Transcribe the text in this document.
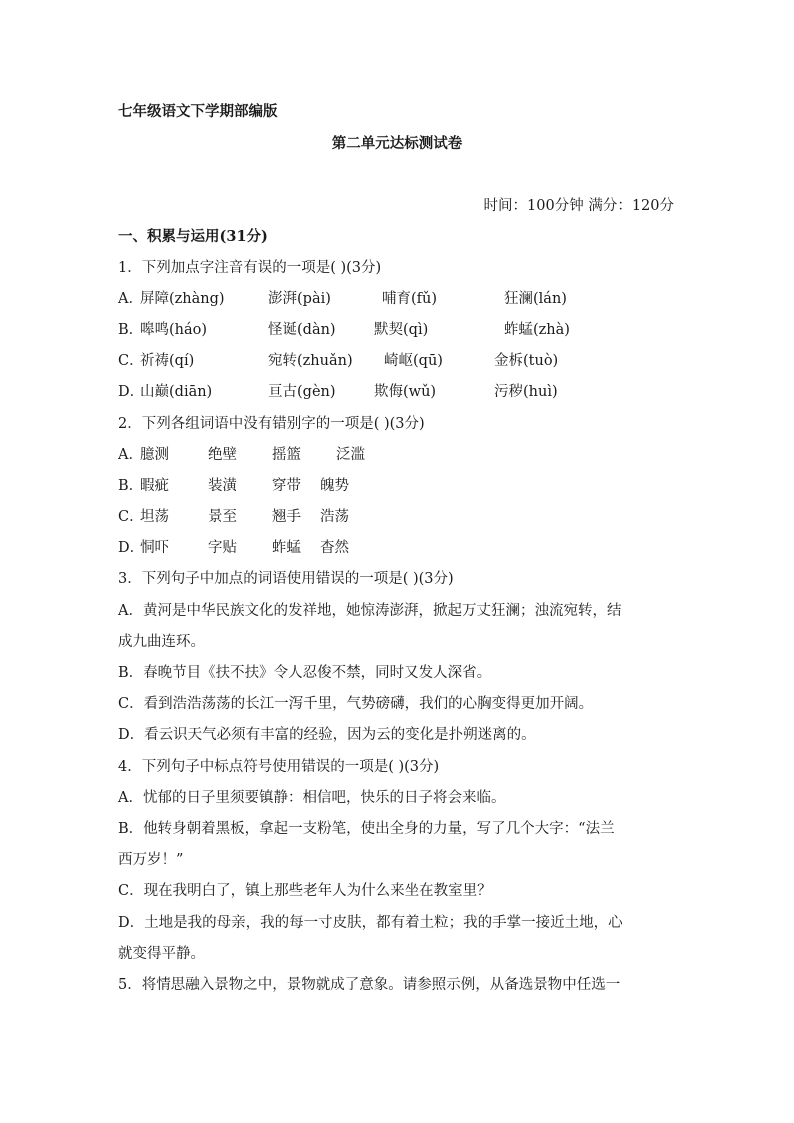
七年级语文下学期部编版
第二单元达标测试卷
时间：100分钟 满分：120分
一、积累与运用(31分)
1．下列加点字注音有误的一项是( )(3分)
A．
屏障(zhàng)	澎湃(pài)	哺育(fǔ)	狂澜(lán)
B．
嗥鸣(háo)	怪诞(dàn)	默契(qì)	蚱蜢(zhà)
C．
祈祷(qí)	宛转(zhuǎn) 崎岖(qū)	金柝(tuò)
D．
山巅(diān)	亘古(gèn)	欺侮(wǔ)	污秽(huì)
2．下列各组词语中没有错别字的一项是( )(3分)
A．
臆测	绝壁 摇篮 泛滥
B．
暇疵	装潢 穿带 魄势
C．
坦荡	景至 翘手 浩荡
D．
恫吓	字贴 蚱蜢 杳然
3．下列句子中加点的词语使用错误的一项是( )(3分)
A．黄河是中华民族文化的发祥地，她惊涛澎湃，掀起万丈狂澜；浊流宛转，结
成九曲连环。
B．春晚节目《扶不扶》令人忍俊不禁，同时又发人深省。
C．看到浩浩荡荡的长江一泻千里，气势磅礴，我们的心胸变得更加开阔。
D．看云识天气必须有丰富的经验，因为云的变化是扑朔迷离的。
4．下列句子中标点符号使用错误的一项是( )(3分)
A．忧郁的日子里须要镇静：相信吧，快乐的日子将会来临。
B．他转身朝着黑板，拿起一支粉笔，使出全身的力量，写了几个大字：“法兰
西万岁！”
C．现在我明白了，镇上那些老年人为什么来坐在教室里？
D．土地是我的母亲，我的每一寸皮肤，都有着土粒；我的手掌一接近土地，心
就变得平静。
5．将情思融入景物之中，景物就成了意象。请参照示例，从备选景物中任选一
